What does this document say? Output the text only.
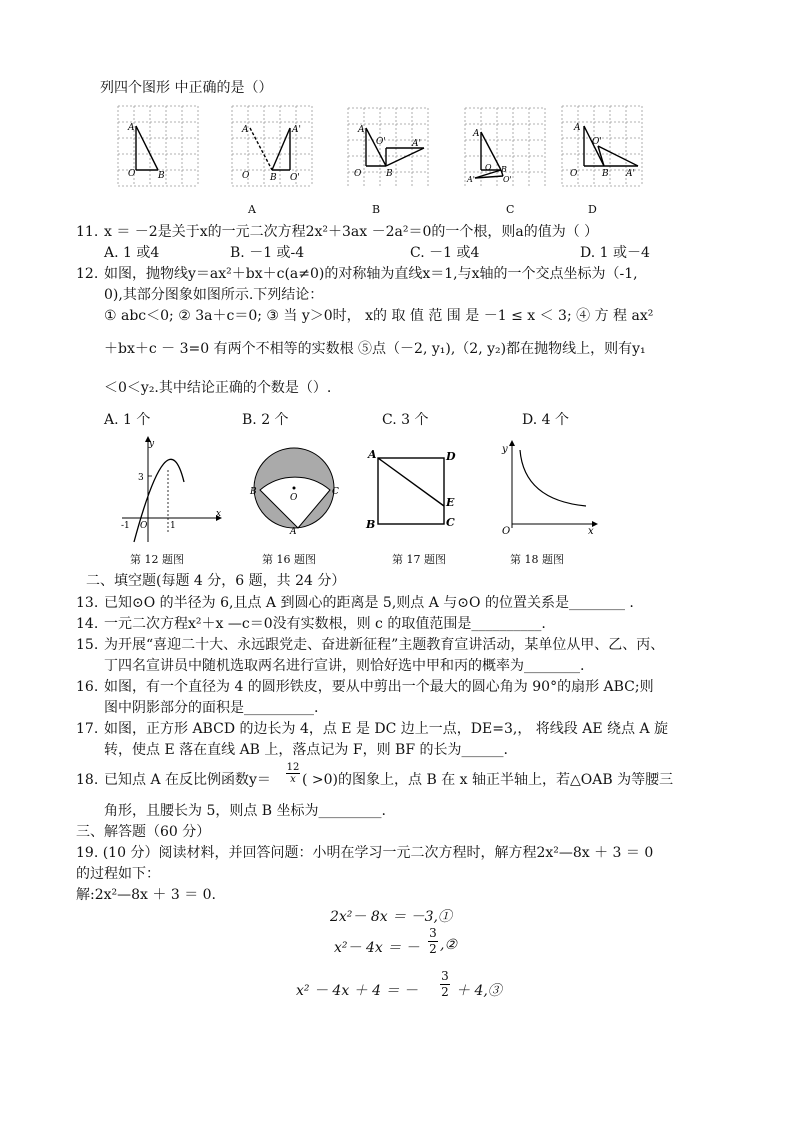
列四个图形 中正确的是（）
A
O	B
A	A'
O B O'
A
O'	A'
O	B
A
O B
A'	O'
A
O'
O	B A'
A	B	C	D
11. x ＝ －2是关于x的一元二次方程2x²＋3ax －2a²＝0的一个根，则a的值为（ ）
A. 1 或4	B. －1 或-4	C. －1 或4	D. 1 或－4
12. 如图，抛物线y＝ax²＋bx＋c(a≠0)的对称轴为直线x＝1,与x轴的一个交点坐标为（-1,
0),其部分图象如图所示.下列结论：
① abc＜0; ② 3a＋c＝0; ③ 当 y＞0时， x的 取 值 范 围 是 －1 ≤ x ＜ 3; ④ 方 程 ax²
＋bx＋c － 3=0 有两个不相等的实数根 ⑤点（－2, y₁),（2, y₂)都在抛物线上，则有y₁
＜0＜y₂.其中结论正确的个数是（）.
A. 1 个	B. 2 个	C. 3 个	D. 4 个
y
x
3
-1 O	1
第 12 题图
B	C
O
A
第 16 题图
A	D
E
C
B
第 17 题图
y
x
O
第 18 题图
二、填空题(每题 4 分，6 题，共 24 分）
13. 已知⊙O 的半径为 6,且点 A 到圆心的距离是 5,则点 A 与⊙O 的位置关系是________ .
14. 一元二次方程x²＋x —c＝0没有实数根，则 c 的取值范围是__________.
15. 为开展“喜迎二十大、永远跟党走、奋进新征程”主题教育宣讲活动，某单位从甲、乙、丙、
丁四名宣讲员中随机选取两名进行宣讲，则恰好选中甲和丙的概率为________.
16. 如图，有一个直径为 4 的圆形铁皮，要从中剪出一个最大的圆心角为 90°的扇形 ABC;则
图中阴影部分的面积是__________.
17. 如图，正方形 ABCD 的边长为 4，点 E 是 DC 边上一点，DE=3,， 将线段 AE 绕点 A 旋
转，使点 E 落在直线 AB 上，落点记为 F，则 BF 的长为______.
18. 已知点 A 在反比例函数$y= \frac{12}{x}$ ( >0)的图象上，点 B 在 x 轴正半轴上，若△OAB 为等腰三
角形，且腰长为 5，则点 B 坐标为_________.
三、解答题（60 分）
19. (10 分）阅读材料，并回答问题：小明在学习一元二次方程时，解方程2x²—8x ＋ 3 ＝ 0
的过程如下：
解:2x²—8x ＋ 3 ＝ 0.
2x²－ 8x ＝ －3,①
x²－ 4x ＝ － $\frac{3}{2}$ ,②
x² － 4x ＋ 4 ＝ － $\frac{3}{2}$ ＋ 4,③
